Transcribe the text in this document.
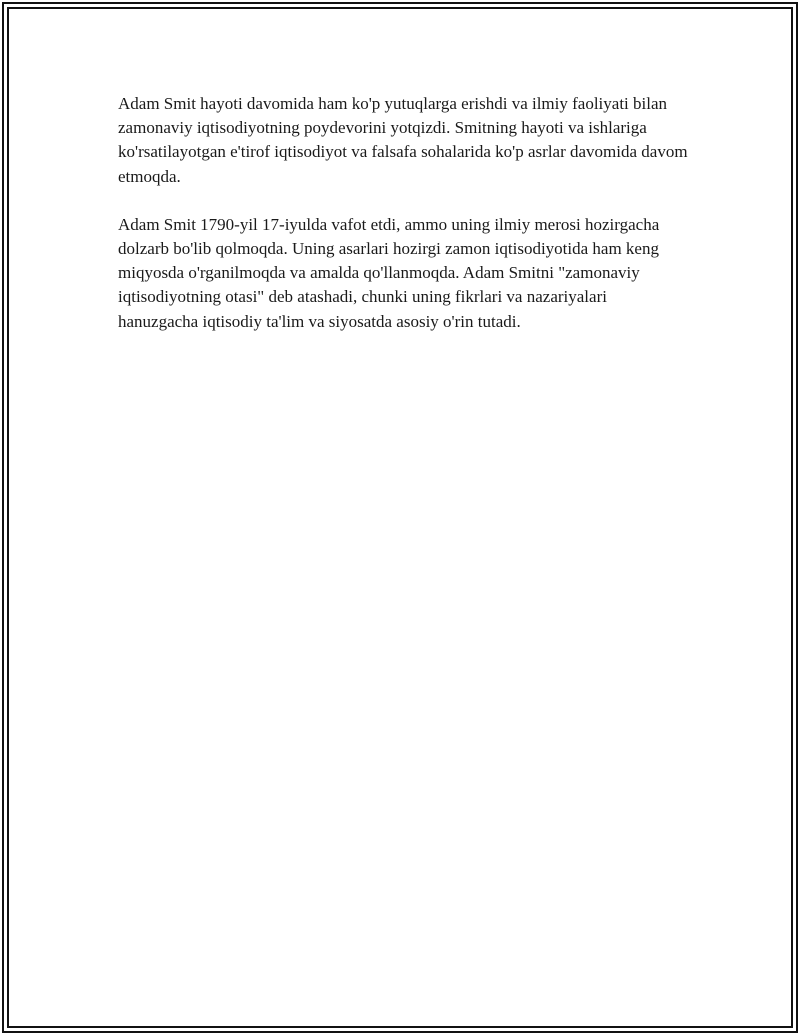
Adam Smit hayoti davomida ham ko'p yutuqlarga erishdi va ilmiy faoliyati bilan zamonaviy iqtisodiyotning poydevorini yotqizdi. Smitning hayoti va ishlariga ko'rsatilayotgan e'tirof iqtisodiyot va falsafa sohalarida ko'p asrlar davomida davom etmoqda.

Adam Smit 1790-yil 17-iyulda vafot etdi, ammo uning ilmiy merosi hozirgacha dolzarb bo'lib qolmoqda. Uning asarlari hozirgi zamon iqtisodiyotida ham keng miqyosda o'rganilmoqda va amalda qo'llanmoqda. Adam Smitni "zamonaviy iqtisodiyotning otasi" deb atashadi, chunki uning fikrlari va nazariyalari hanuzgacha iqtisodiy ta'lim va siyosatda asosiy o'rin tutadi.
